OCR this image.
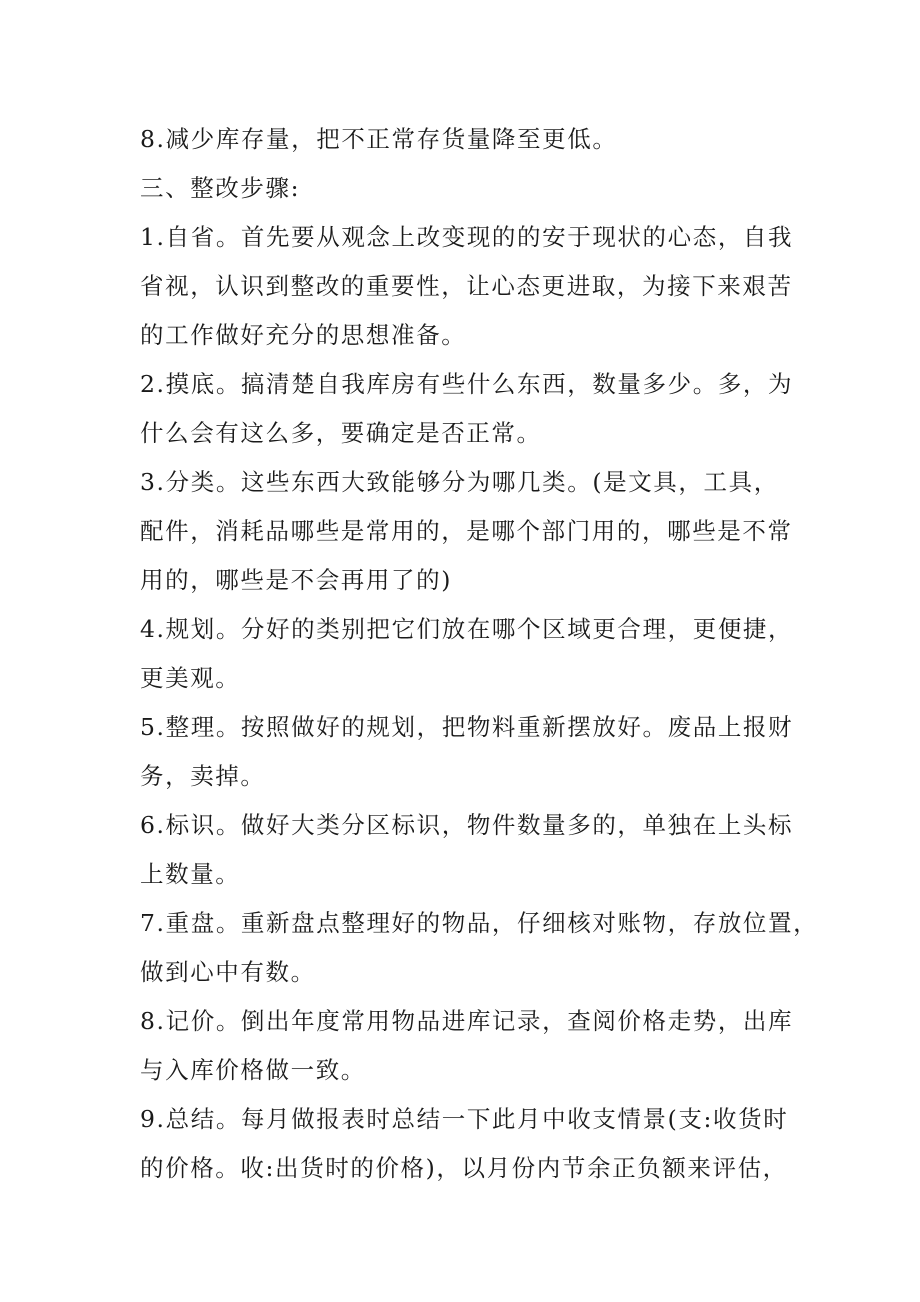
8.减少库存量，把不正常存货量降至更低。
三、整改步骤:
1.自省。首先要从观念上改变现的的安于现状的心态，自我
省视，认识到整改的重要性，让心态更进取，为接下来艰苦
的工作做好充分的思想准备。
2.摸底。搞清楚自我库房有些什么东西，数量多少。多，为
什么会有这么多，要确定是否正常。
3.分类。这些东西大致能够分为哪几类。(是文具，工具，
配件，消耗品哪些是常用的，是哪个部门用的，哪些是不常
用的，哪些是不会再用了的)
4.规划。分好的类别把它们放在哪个区域更合理，更便捷，
更美观。
5.整理。按照做好的规划，把物料重新摆放好。废品上报财
务，卖掉。
6.标识。做好大类分区标识，物件数量多的，单独在上头标
上数量。
7.重盘。重新盘点整理好的物品，仔细核对账物，存放位置，
做到心中有数。
8.记价。倒出年度常用物品进库记录，查阅价格走势，出库
与入库价格做一致。
9.总结。每月做报表时总结一下此月中收支情景(支:收货时
的价格。收:出货时的价格)，以月份内节余正负额来评估，
